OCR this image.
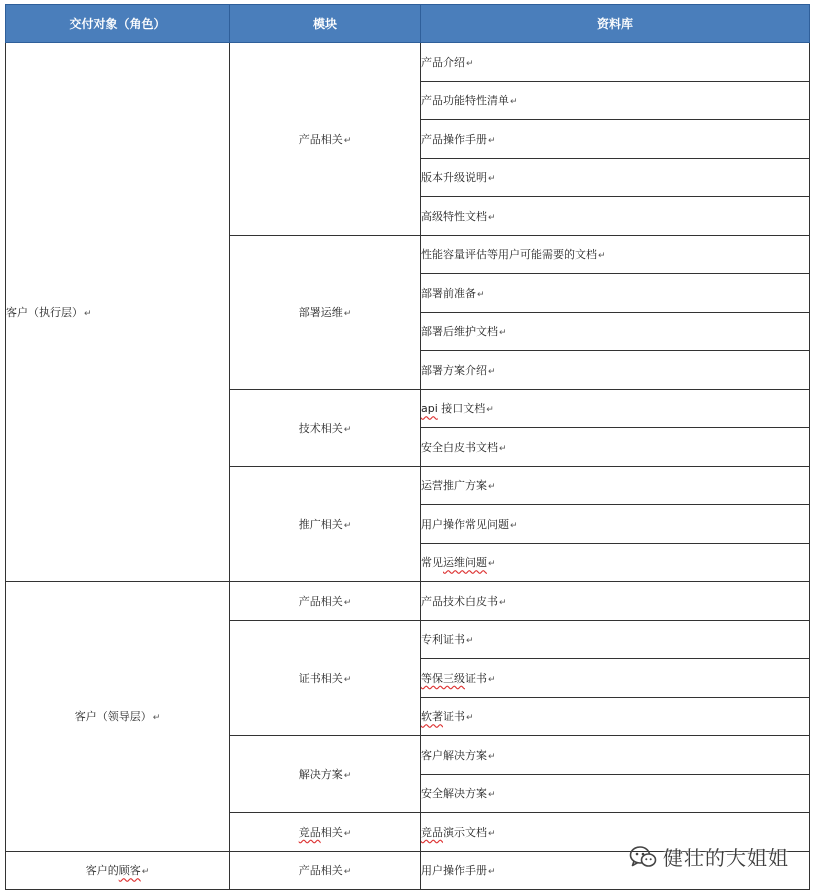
交付对象（角色）	模块	资料库
客户（执行层）↵	产品相关↵	产品介绍↵
		产品功能特性清单↵
		产品操作手册↵
		版本升级说明↵
		高级特性文档↵
	部署运维↵	性能容量评估等用户可能需要的文档↵
		部署前准备↵
		部署后维护文档↵
		部署方案介绍↵
	技术相关↵	api 接口文档↵
		安全白皮书文档↵
	推广相关↵	运营推广方案↵
		用户操作常见问题↵
		常见运维问题↵
客户（领导层）↵	产品相关↵	产品技术白皮书↵
	证书相关↵	专利证书↵
		等保三级证书↵
		软著证书↵
	解决方案↵	客户解决方案↵
		安全解决方案↵
	竞品相关↵	竞品演示文档↵
客户的顾客↵	产品相关↵	用户操作手册↵
健壮的大姐姐
